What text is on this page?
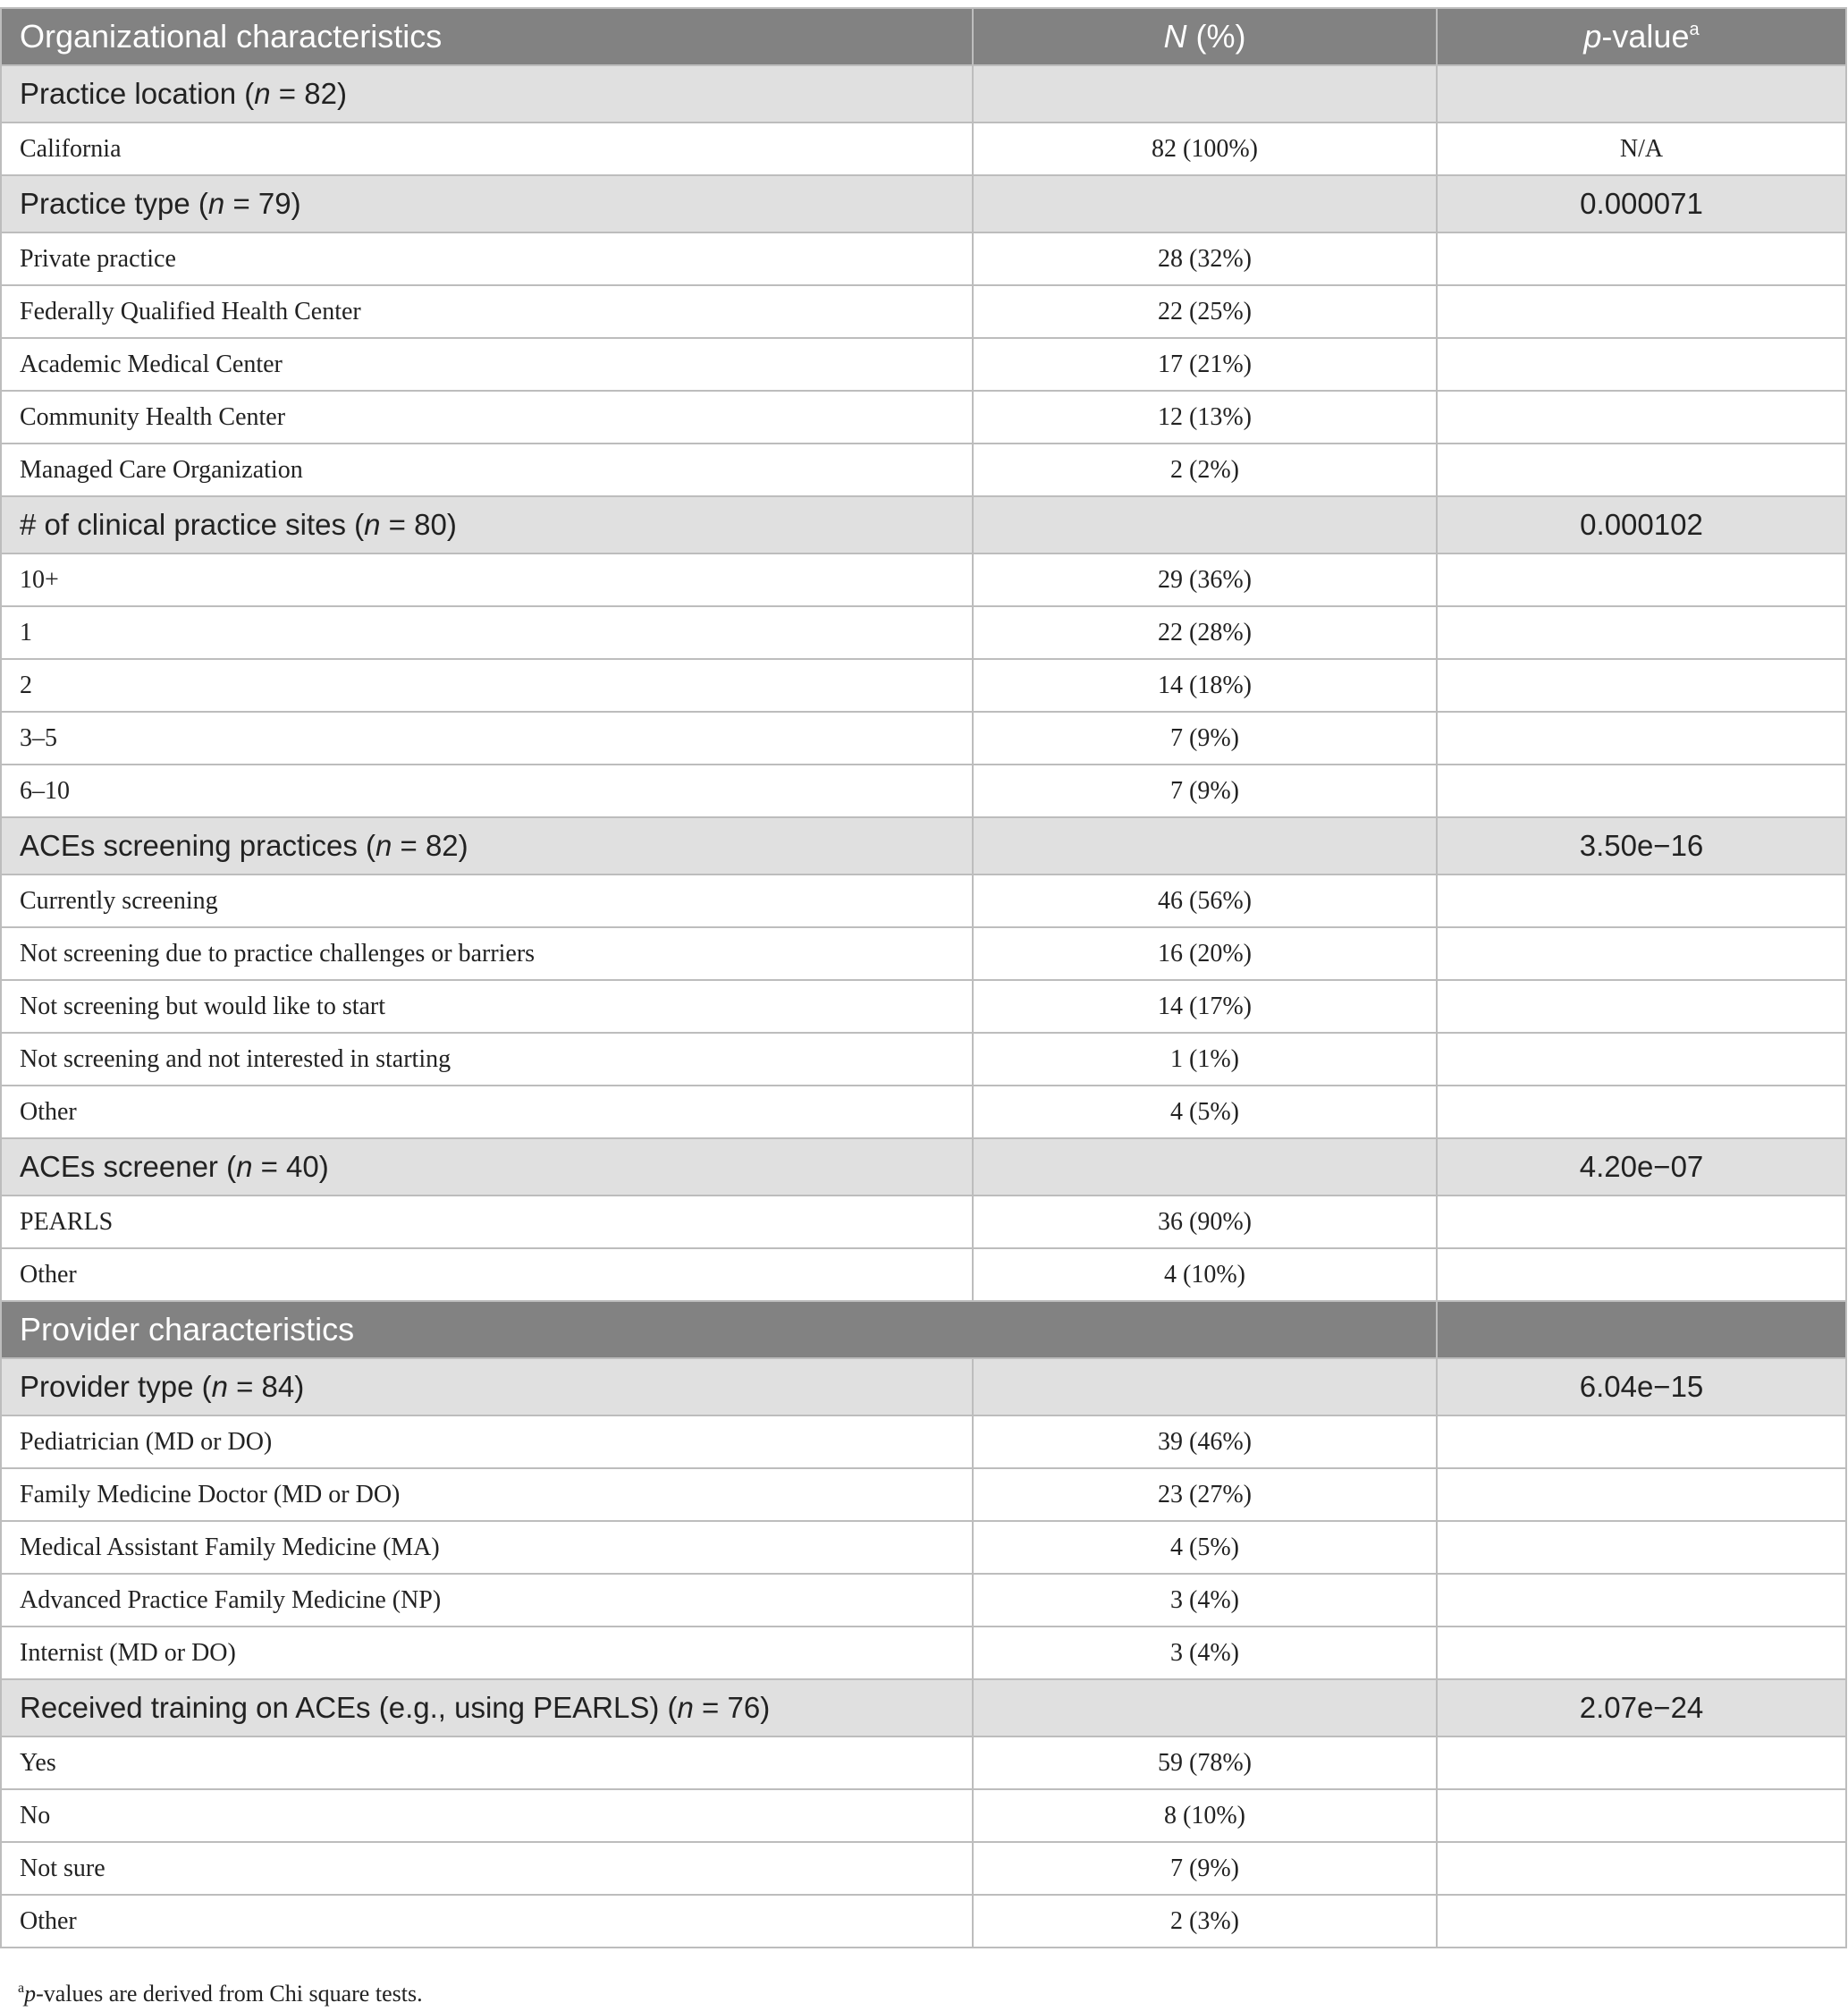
Organizational characteristics	N (%)	p-value$^a$
Practice location (n = 82)		
California	82 (100%)	N/A
Practice type (n = 79)		0.000071
Private practice	28 (32%)	
Federally Qualified Health Center	22 (25%)	
Academic Medical Center	17 (21%)	
Community Health Center	12 (13%)	
Managed Care Organization	2 (2%)	
# of clinical practice sites (n = 80)		0.000102
10+	29 (36%)	
1	22 (28%)	
2	14 (18%)	
3–5	7 (9%)	
6–10	7 (9%)	
ACEs screening practices (n = 82)		3.50e−16
Currently screening	46 (56%)	
Not screening due to practice challenges or barriers	16 (20%)	
Not screening but would like to start	14 (17%)	
Not screening and not interested in starting	1 (1%)	
Other	4 (5%)	
ACEs screener (n = 40)		4.20e−07
PEARLS	36 (90%)	
Other	4 (10%)	
Provider characteristics		
Provider type (n = 84)		6.04e−15
Pediatrician (MD or DO)	39 (46%)	
Family Medicine Doctor (MD or DO)	23 (27%)	
Medical Assistant Family Medicine (MA)	4 (5%)	
Advanced Practice Family Medicine (NP)	3 (4%)	
Internist (MD or DO)	3 (4%)	
Received training on ACEs (e.g., using PEARLS) (n = 76)		2.07e−24
Yes	59 (78%)	
No	8 (10%)	
Not sure	7 (9%)	
Other	2 (3%)	
$^a$p-values are derived from Chi square tests.
